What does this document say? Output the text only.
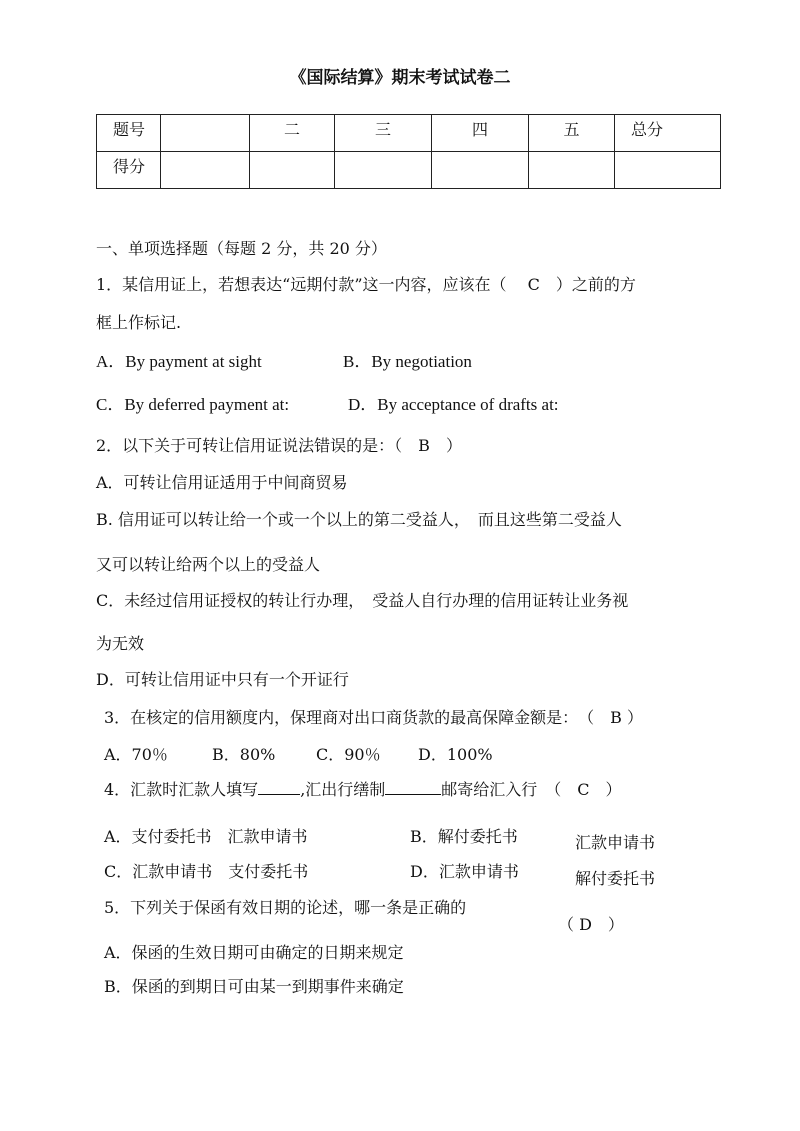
《国际结算》期末考试试卷二
题号		二	三	四	五	总分
得分						
一、单项选择题（每题 2 分，共 20 分）
1．某信用证上，若想表达“远期付款”这一内容，应该在（　 C　）之前的方
框上作标记.
A．By payment at sight	B．By negotiation
C．By deferred payment at:	D．By acceptance of drafts at:
2．以下关于可转让信用证说法错误的是：（　B　）
A．可转让信用证适用于中间商贸易
B. 信用证可以转让给一个或一个以上的第二受益人，　而且这些第二受益人
又可以转让给两个以上的受益人
C．未经过信用证授权的转让行办理，　受益人自行办理的信用证转让业务视
为无效
D．可转让信用证中只有一个开证行
3．在核定的信用额度内，保理商对出口商货款的最高保障金额是：　（　B ）
A．70％	B．80%	C．90％ D．100%
4．汇款时汇款人填写	,汇出行缮制	邮寄给汇入行　（　C　）
A．支付委托书　汇款申请书	B．解付委托书	汇款申请书
C．汇款申请书　支付委托书	D．汇款申请书	解付委托书
5．下列关于保函有效日期的论述，哪一条是正确的
（ D　）
A．保函的生效日期可由确定的日期来规定
B．保函的到期日可由某一到期事件来确定
